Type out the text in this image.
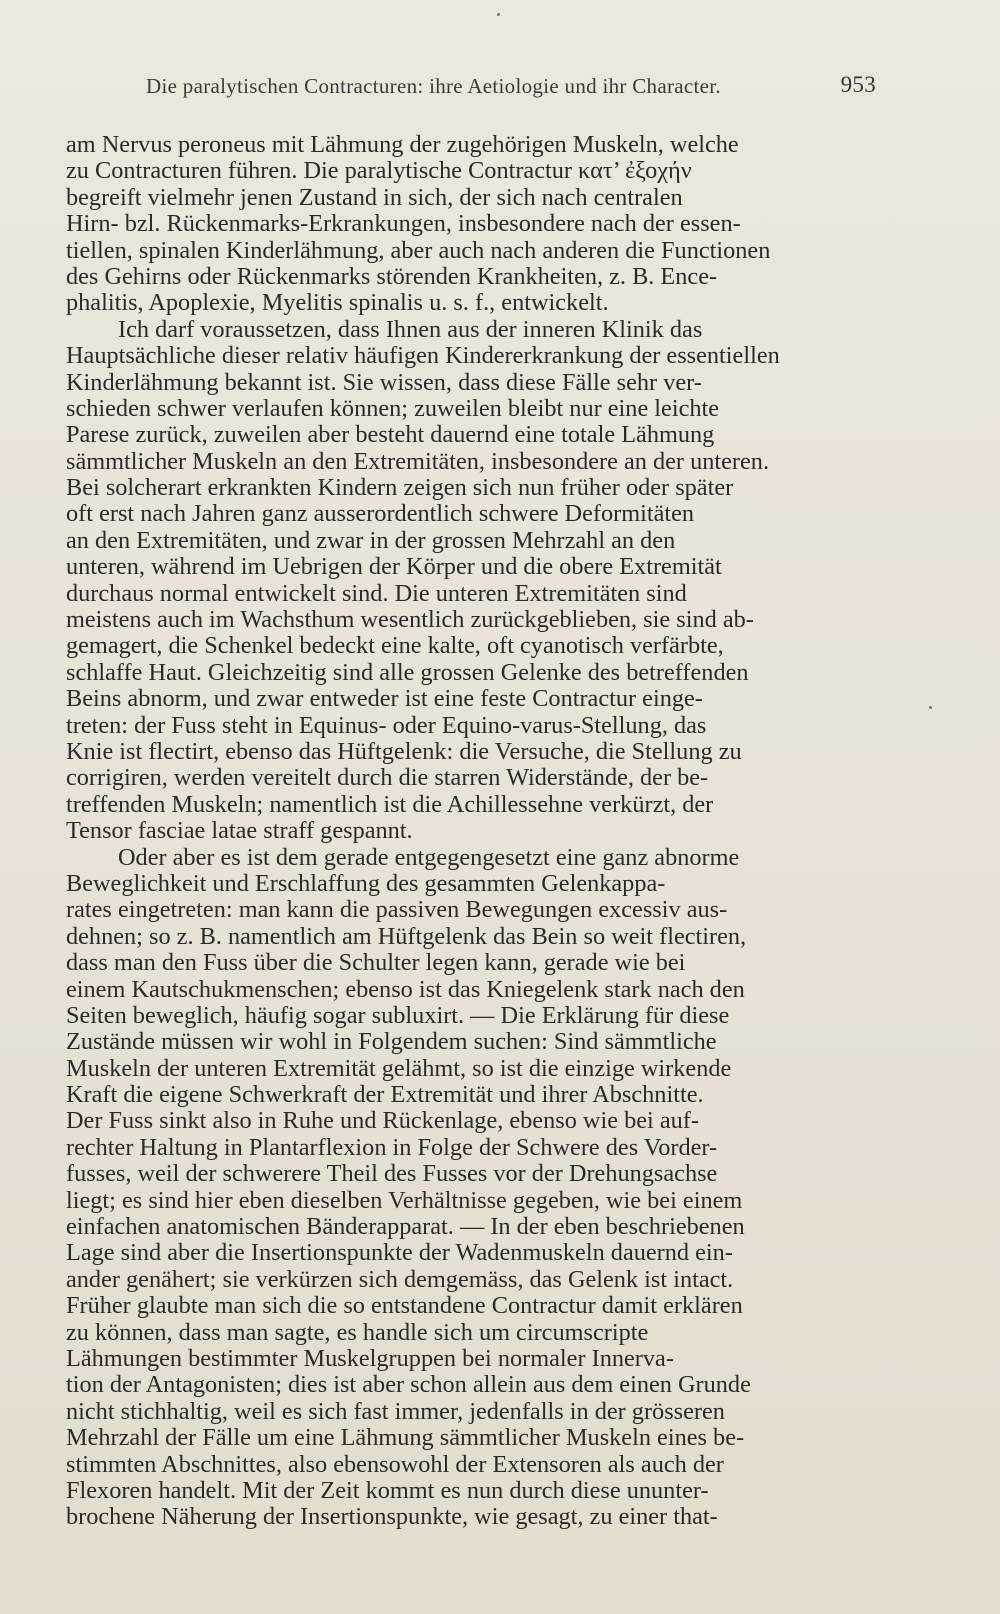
Die paralytischen Contracturen: ihre Aetiologie und ihr Character.	953
am Nervus peroneus mit Lähmung der zugehörigen Muskeln, welche
zu Contracturen führen. Die paralytische Contractur κατ’ ἐξοχήν
begreift vielmehr jenen Zustand in sich, der sich nach centralen
Hirn- bzl. Rückenmarks-Erkrankungen, insbesondere nach der essen-
tiellen, spinalen Kinderlähmung, aber auch nach anderen die Functionen
des Gehirns oder Rückenmarks störenden Krankheiten, z. B. Ence-
phalitis, Apoplexie, Myelitis spinalis u. s. f., entwickelt.
Ich darf voraussetzen, dass Ihnen aus der inneren Klinik das
Hauptsächliche dieser relativ häufigen Kindererkrankung der essentiellen
Kinderlähmung bekannt ist. Sie wissen, dass diese Fälle sehr ver-
schieden schwer verlaufen können; zuweilen bleibt nur eine leichte
Parese zurück, zuweilen aber besteht dauernd eine totale Lähmung
sämmtlicher Muskeln an den Extremitäten, insbesondere an der unteren.
Bei solcherart erkrankten Kindern zeigen sich nun früher oder später
oft erst nach Jahren ganz ausserordentlich schwere Deformitäten
an den Extremitäten, und zwar in der grossen Mehrzahl an den
unteren, während im Uebrigen der Körper und die obere Extremität
durchaus normal entwickelt sind. Die unteren Extremitäten sind
meistens auch im Wachsthum wesentlich zurückgeblieben, sie sind ab-
gemagert, die Schenkel bedeckt eine kalte, oft cyanotisch verfärbte,
schlaffe Haut. Gleichzeitig sind alle grossen Gelenke des betreffenden
Beins abnorm, und zwar entweder ist eine feste Contractur einge-
treten: der Fuss steht in Equinus- oder Equino-varus-Stellung, das
Knie ist flectirt, ebenso das Hüftgelenk: die Versuche, die Stellung zu
corrigiren, werden vereitelt durch die starren Widerstände, der be-
treffenden Muskeln; namentlich ist die Achillessehne verkürzt, der
Tensor fasciae latae straff gespannt.
Oder aber es ist dem gerade entgegengesetzt eine ganz abnorme
Beweglichkeit und Erschlaffung des gesammten Gelenkappa-
rates eingetreten: man kann die passiven Bewegungen excessiv aus-
dehnen; so z. B. namentlich am Hüftgelenk das Bein so weit flectiren,
dass man den Fuss über die Schulter legen kann, gerade wie bei
einem Kautschukmenschen; ebenso ist das Kniegelenk stark nach den
Seiten beweglich, häufig sogar subluxirt. — Die Erklärung für diese
Zustände müssen wir wohl in Folgendem suchen: Sind sämmtliche
Muskeln der unteren Extremität gelähmt, so ist die einzige wirkende
Kraft die eigene Schwerkraft der Extremität und ihrer Abschnitte.
Der Fuss sinkt also in Ruhe und Rückenlage, ebenso wie bei auf-
rechter Haltung in Plantarflexion in Folge der Schwere des Vorder-
fusses, weil der schwerere Theil des Fusses vor der Drehungsachse
liegt; es sind hier eben dieselben Verhältnisse gegeben, wie bei einem
einfachen anatomischen Bänderapparat. — In der eben beschriebenen
Lage sind aber die Insertionspunkte der Wadenmuskeln dauernd ein-
ander genähert; sie verkürzen sich demgemäss, das Gelenk ist intact.
Früher glaubte man sich die so entstandene Contractur damit erklären
zu können, dass man sagte, es handle sich um circumscripte
Lähmungen bestimmter Muskelgruppen bei normaler Innerva-
tion der Antagonisten; dies ist aber schon allein aus dem einen Grunde
nicht stichhaltig, weil es sich fast immer, jedenfalls in der grösseren
Mehrzahl der Fälle um eine Lähmung sämmtlicher Muskeln eines be-
stimmten Abschnittes, also ebensowohl der Extensoren als auch der
Flexoren handelt. Mit der Zeit kommt es nun durch diese ununter-
brochene Näherung der Insertionspunkte, wie gesagt, zu einer that-
